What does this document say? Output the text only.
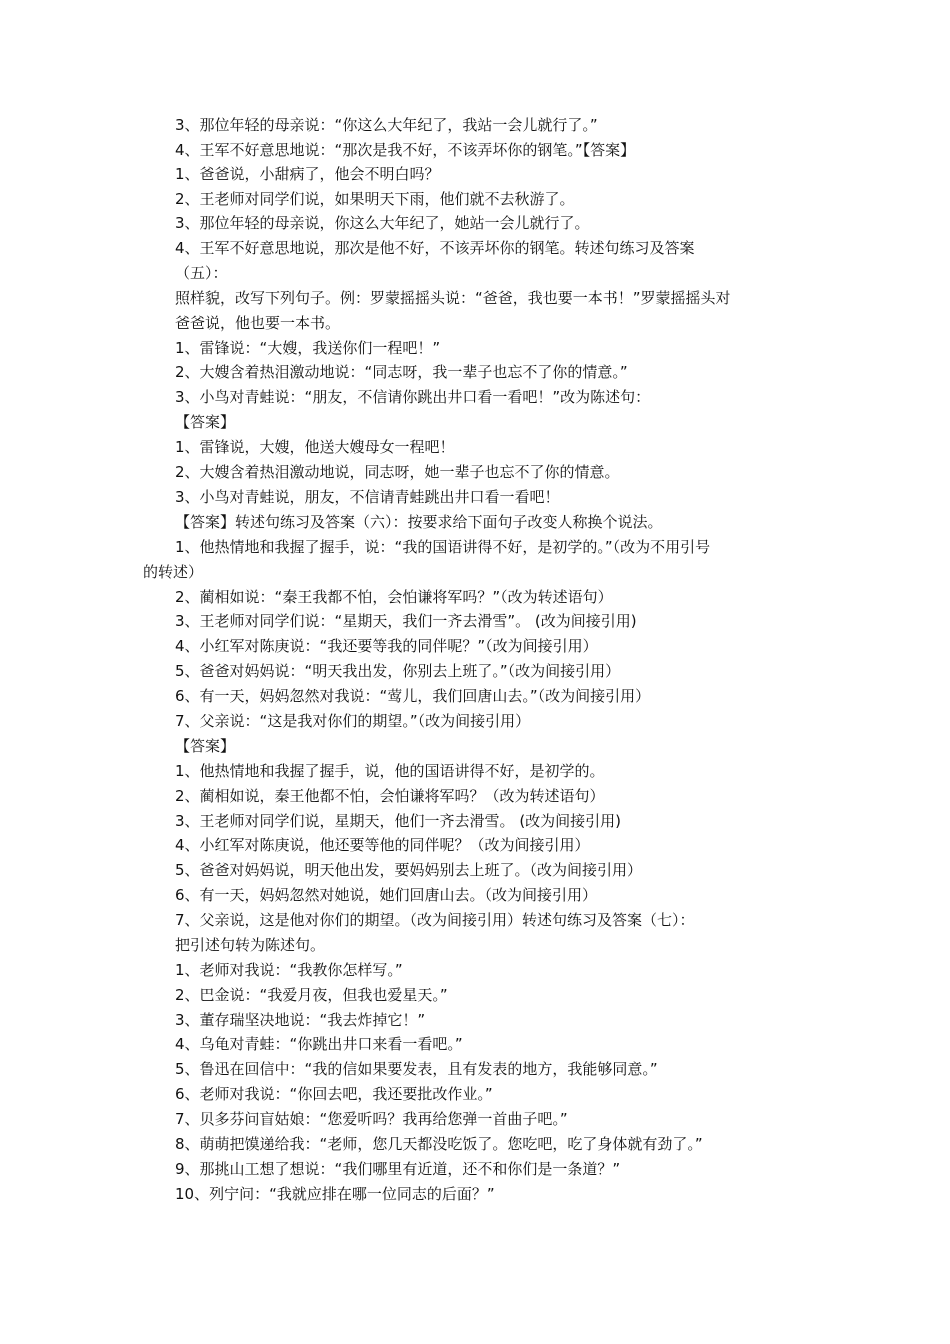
3、那位年轻的母亲说：“你这么大年纪了，我站一会儿就行了。”
4、王军不好意思地说：“那次是我不好，不该弄坏你的钢笔。”【答案】
1、爸爸说，小甜病了，他会不明白吗？
2、王老师对同学们说，如果明天下雨，他们就不去秋游了。
3、那位年轻的母亲说，你这么大年纪了，她站一会儿就行了。
4、王军不好意思地说，那次是他不好，不该弄坏你的钢笔。转述句练习及答案
（五）：
照样貌，改写下列句子。例：罗蒙摇摇头说：“爸爸，我也要一本书！”罗蒙摇摇头对
爸爸说，他也要一本书。
1、雷锋说：“大嫂，我送你们一程吧！”
2、大嫂含着热泪激动地说：“同志呀，我一辈子也忘不了你的情意。”
3、小鸟对青蛙说：“朋友，不信请你跳出井口看一看吧！”改为陈述句：
【答案】
1、雷锋说，大嫂，他送大嫂母女一程吧！
2、大嫂含着热泪激动地说，同志呀，她一辈子也忘不了你的情意。
3、小鸟对青蛙说，朋友，不信请青蛙跳出井口看一看吧！
【答案】转述句练习及答案（六）：按要求给下面句子改变人称换个说法。
1、他热情地和我握了握手，说：“我的国语讲得不好，是初学的。”（改为不用引号
的转述）
2、蔺相如说：“秦王我都不怕，会怕谦将军吗？”（改为转述语句）
3、王老师对同学们说：“星期天，我们一齐去滑雪”。 (改为间接引用)
4、小红军对陈庚说：“我还要等我的同伴呢？”（改为间接引用）
5、爸爸对妈妈说：“明天我出发，你别去上班了。”（改为间接引用）
6、有一天，妈妈忽然对我说：“莺儿，我们回唐山去。”（改为间接引用）
7、父亲说：“这是我对你们的期望。”（改为间接引用）
【答案】
1、他热情地和我握了握手，说，他的国语讲得不好，是初学的。
2、蔺相如说，秦王他都不怕，会怕谦将军吗？（改为转述语句）
3、王老师对同学们说，星期天，他们一齐去滑雪。 (改为间接引用)
4、小红军对陈庚说，他还要等他的同伴呢？（改为间接引用）
5、爸爸对妈妈说，明天他出发，要妈妈别去上班了。（改为间接引用）
6、有一天，妈妈忽然对她说，她们回唐山去。（改为间接引用）
7、父亲说，这是他对你们的期望。（改为间接引用）转述句练习及答案（七）：
把引述句转为陈述句。
1、老师对我说：“我教你怎样写。”
2、巴金说：“我爱月夜，但我也爱星天。”
3、董存瑞坚决地说：“我去炸掉它！”
4、乌龟对青蛙：“你跳出井口来看一看吧。”
5、鲁迅在回信中：“我的信如果要发表，且有发表的地方，我能够同意。”
6、老师对我说：“你回去吧，我还要批改作业。”
7、贝多芬问盲姑娘：“您爱听吗？我再给您弹一首曲子吧。”
8、萌萌把馍递给我：“老师，您几天都没吃饭了。您吃吧，吃了身体就有劲了。”
9、那挑山工想了想说：“我们哪里有近道，还不和你们是一条道？”
10、列宁问：“我就应排在哪一位同志的后面？”
